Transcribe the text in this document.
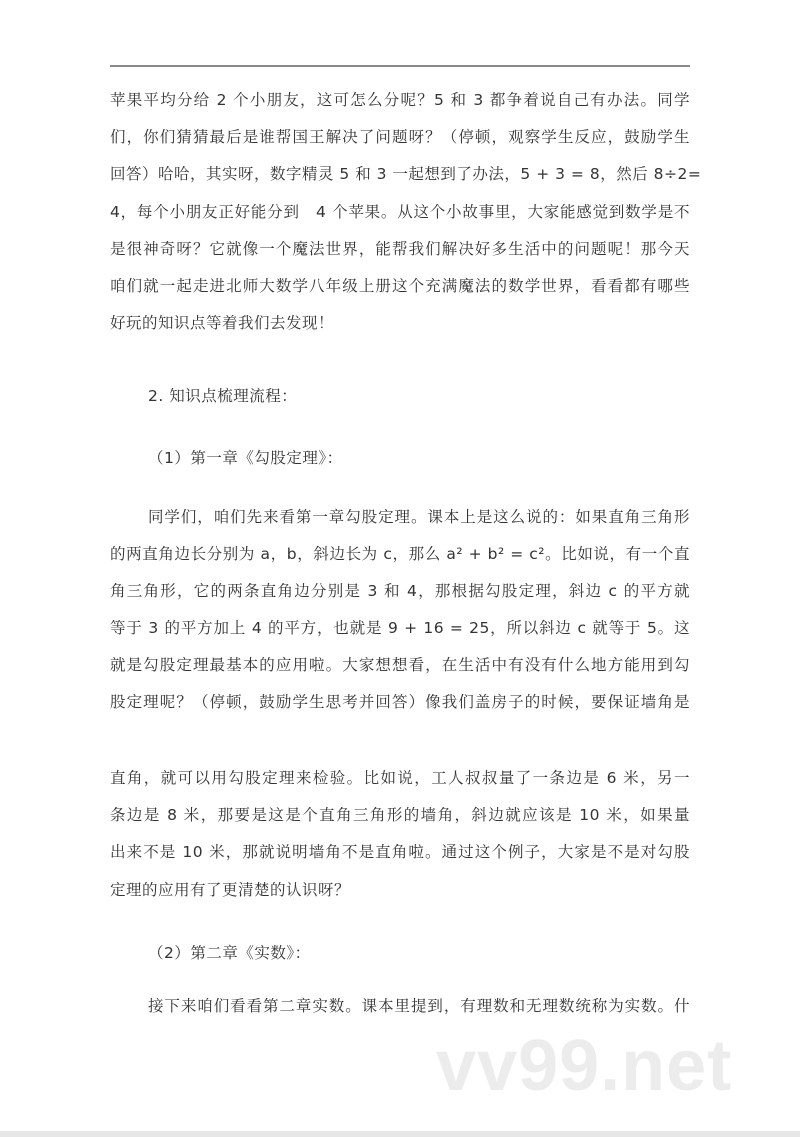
苹果平均分给 2 个小朋友，这可怎么分呢？5 和 3 都争着说自己有办法。同学
们，你们猜猜最后是谁帮国王解决了问题呀？（停顿，观察学生反应，鼓励学生
回答）哈哈，其实呀，数字精灵 5 和 3 一起想到了办法，5 + 3 = 8，然后 8÷2=
4，每个小朋友正好能分到　4 个苹果。从这个小故事里，大家能感觉到数学是不
是很神奇呀？它就像一个魔法世界，能帮我们解决好多生活中的问题呢！那今天
咱们就一起走进北师大数学八年级上册这个充满魔法的数学世界，看看都有哪些
好玩的知识点等着我们去发现！
2. 知识点梳理流程：
（1）第一章《勾股定理》：
同学们，咱们先来看第一章勾股定理。课本上是这么说的：如果直角三角形
的两直角边长分别为 a，b，斜边长为 c，那么 a² + b² = c²。比如说，有一个直
角三角形，它的两条直角边分别是 3 和 4，那根据勾股定理，斜边 c 的平方就
等于 3 的平方加上 4 的平方，也就是 9 + 16 = 25，所以斜边 c 就等于 5。这
就是勾股定理最基本的应用啦。大家想想看，在生活中有没有什么地方能用到勾
股定理呢？（停顿，鼓励学生思考并回答）像我们盖房子的时候，要保证墙角是
直角，就可以用勾股定理来检验。比如说，工人叔叔量了一条边是 6 米，另一
条边是 8 米，那要是这是个直角三角形的墙角，斜边就应该是 10 米，如果量
出来不是 10 米，那就说明墙角不是直角啦。通过这个例子，大家是不是对勾股
定理的应用有了更清楚的认识呀？
（2）第二章《实数》：
接下来咱们看看第二章实数。课本里提到，有理数和无理数统称为实数。什
vv99.net
